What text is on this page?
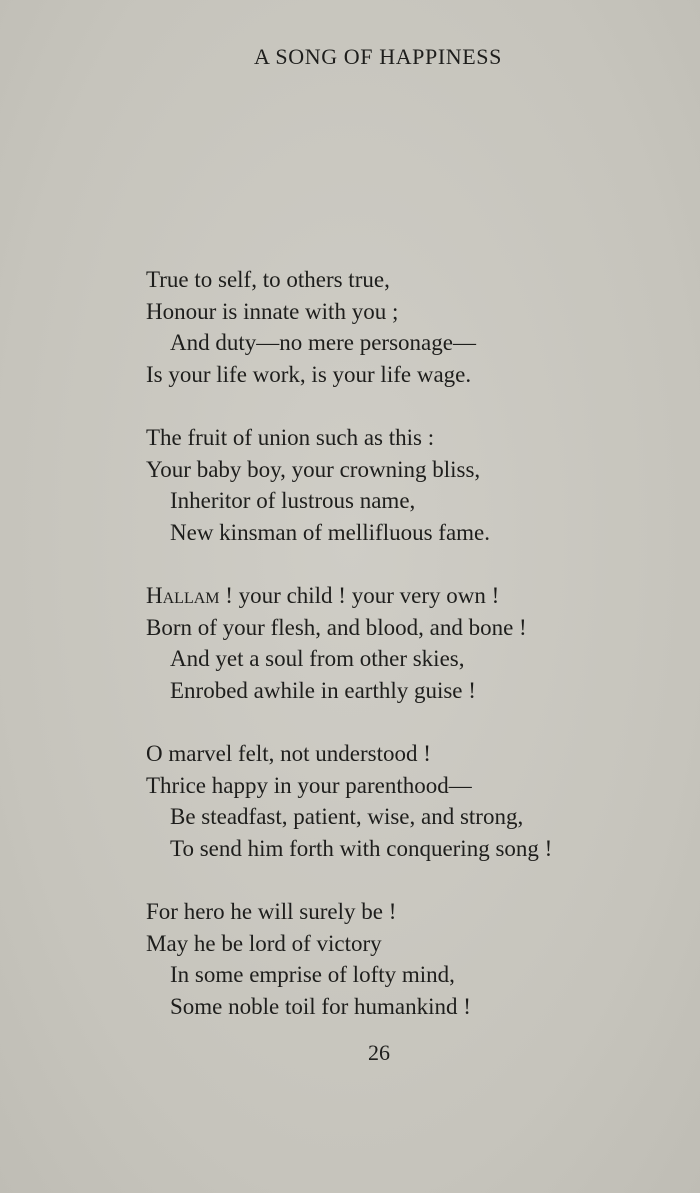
A SONG OF HAPPINESS
True to self, to others true,
Honour is innate with you ;
And duty—no mere personage—
Is your life work, is your life wage.
The fruit of union such as this :
Your baby boy, your crowning bliss,
Inheritor of lustrous name,
New kinsman of mellifluous fame.
Hallam ! your child ! your very own !
Born of your flesh, and blood, and bone !
And yet a soul from other skies,
Enrobed awhile in earthly guise !
O marvel felt, not understood !
Thrice happy in your parenthood—
Be steadfast, patient, wise, and strong,
To send him forth with conquering song !
For hero he will surely be !
May he be lord of victory
In some emprise of lofty mind,
Some noble toil for humankind !
26
